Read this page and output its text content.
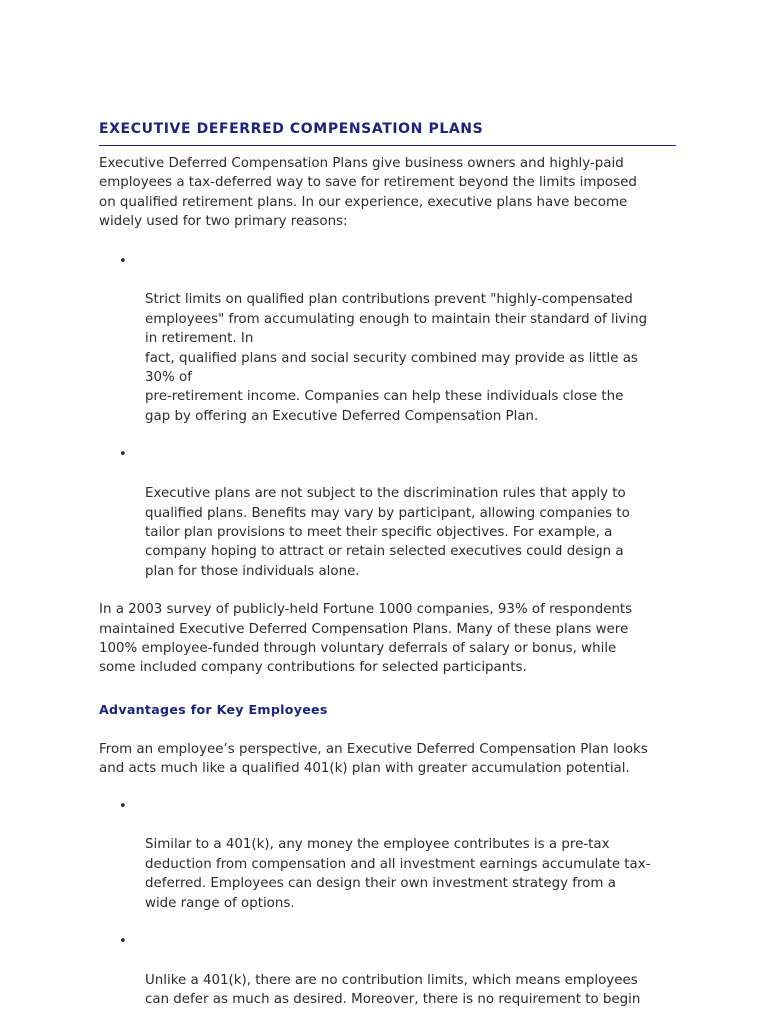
EXECUTIVE DEFERRED COMPENSATION PLANS

Executive Deferred Compensation Plans give business owners and highly-paid
employees a tax-deferred way to save for retirement beyond the limits imposed
on qualified retirement plans. In our experience, executive plans have become
widely used for two primary reasons:

•

Strict limits on qualified plan contributions prevent "highly-compensated
employees" from accumulating enough to maintain their standard of living
in retirement. In
fact, qualified plans and social security combined may provide as little as
30% of
pre-retirement income. Companies can help these individuals close the
gap by offering an Executive Deferred Compensation Plan.

•

Executive plans are not subject to the discrimination rules that apply to
qualified plans. Benefits may vary by participant, allowing companies to
tailor plan provisions to meet their specific objectives. For example, a
company hoping to attract or retain selected executives could design a
plan for those individuals alone.

In a 2003 survey of publicly-held Fortune 1000 companies, 93% of respondents
maintained Executive Deferred Compensation Plans. Many of these plans were
100% employee-funded through voluntary deferrals of salary or bonus, while
some included company contributions for selected participants.

Advantages for Key Employees

From an employee’s perspective, an Executive Deferred Compensation Plan looks
and acts much like a qualified 401(k) plan with greater accumulation potential.

•

Similar to a 401(k), any money the employee contributes is a pre-tax
deduction from compensation and all investment earnings accumulate tax-
deferred. Employees can design their own investment strategy from a
wide range of options.

•

Unlike a 401(k), there are no contribution limits, which means employees
can defer as much as desired. Moreover, there is no requirement to begin
